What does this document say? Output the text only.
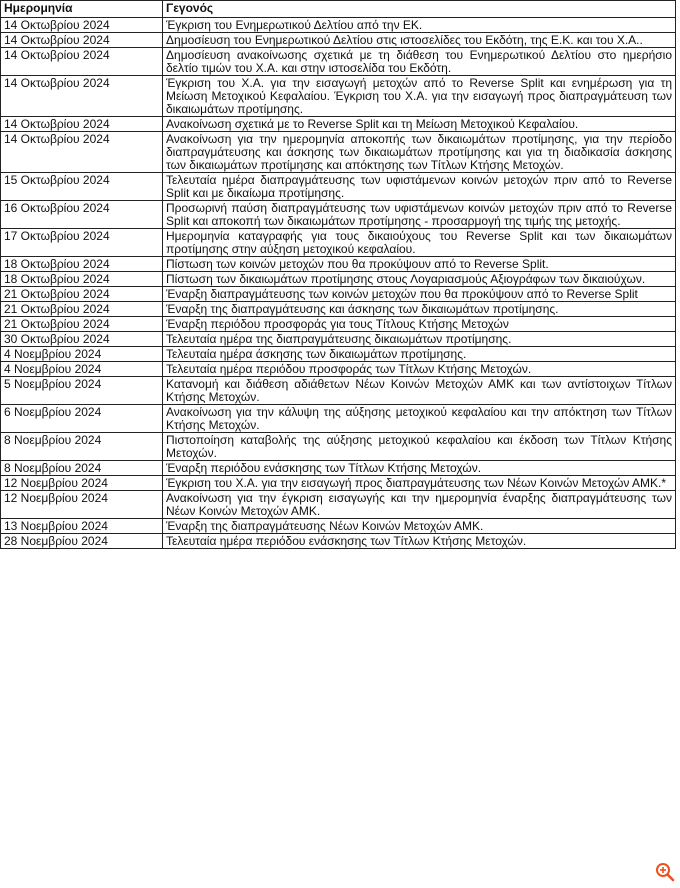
Ημερομηνία	Γεγονός
14 Οκτωβρίου 2024	Έγκριση του Ενημερωτικού Δελτίου από την ΕΚ.
14 Οκτωβρίου 2024	Δημοσίευση του Ενημερωτικού Δελτίου στις ιστοσελίδες του Εκδότη, της Ε.Κ. και του Χ.Α..
14 Οκτωβρίου 2024	Δημοσίευση ανακοίνωσης σχετικά με τη διάθεση του Ενημερωτικού Δελτίου στο ημερήσιο δελτίο τιμών του Χ.Α. και στην ιστοσελίδα του Εκδότη.
14 Οκτωβρίου 2024	Έγκριση του Χ.Α. για την εισαγωγή μετοχών από το Reverse Split και ενημέρωση για τη Μείωση Μετοχικού Κεφαλαίου. Έγκριση του Χ.Α. για την εισαγωγή προς διαπραγμάτευση των δικαιωμάτων προτίμησης.
14 Οκτωβρίου 2024	Ανακοίνωση σχετικά με το Reverse Split και τη Μείωση Μετοχικού Κεφαλαίου.
14 Οκτωβρίου 2024	Ανακοίνωση για την ημερομηνία αποκοπής των δικαιωμάτων προτίμησης, για την περίοδο διαπραγμάτευσης και άσκησης των δικαιωμάτων προτίμησης και για τη διαδικασία άσκησης των δικαιωμάτων προτίμησης και απόκτησης των Τίτλων Κτήσης Μετοχών.
15 Οκτωβρίου 2024	Τελευταία ημέρα διαπραγμάτευσης των υφιστάμενων κοινών μετοχών πριν από το Reverse Split και με δικαίωμα προτίμησης.
16 Οκτωβρίου 2024	Προσωρινή παύση διαπραγμάτευσης των υφιστάμενων κοινών μετοχών πριν από το Reverse Split και αποκοπή των δικαιωμάτων προτίμησης - προσαρμογή της τιμής της μετοχής.
17 Οκτωβρίου 2024	Ημερομηνία καταγραφής για τους δικαιούχους του Reverse Split και των δικαιωμάτων προτίμησης στην αύξηση μετοχικού κεφαλαίου.
18 Οκτωβρίου 2024	Πίστωση των κοινών μετοχών που θα προκύψουν από το Reverse Split.
18 Οκτωβρίου 2024	Πίστωση των δικαιωμάτων προτίμησης στους Λογαριασμούς Αξιογράφων των δικαιούχων.
21 Οκτωβρίου 2024	Έναρξη διαπραγμάτευσης των κοινών μετοχών που θα προκύψουν από το Reverse Split
21 Οκτωβρίου 2024	Έναρξη της διαπραγμάτευσης και άσκησης των δικαιωμάτων προτίμησης.
21 Οκτωβρίου 2024	Έναρξη περιόδου προσφοράς για τους Τίτλους Κτήσης Μετοχών
30 Οκτωβρίου 2024	Τελευταία ημέρα της διαπραγμάτευσης δικαιωμάτων προτίμησης.
4 Νοεμβρίου 2024	Τελευταία ημέρα άσκησης των δικαιωμάτων προτίμησης.
4 Νοεμβρίου 2024	Τελευταία ημέρα περιόδου προσφοράς των Τίτλων Κτήσης Μετοχών.
5 Νοεμβρίου 2024	Κατανομή και διάθεση αδιάθετων Νέων Κοινών Μετοχών ΑΜΚ και των αντίστοιχων Τίτλων Κτήσης Μετοχών.
6 Νοεμβρίου 2024	Ανακοίνωση για την κάλυψη της αύξησης μετοχικού κεφαλαίου και την απόκτηση των Τίτλων Κτήσης Μετοχών.
8 Νοεμβρίου 2024	Πιστοποίηση καταβολής της αύξησης μετοχικού κεφαλαίου και έκδοση των Τίτλων Κτήσης Μετοχών.
8 Νοεμβρίου 2024	Έναρξη περιόδου ενάσκησης των Τίτλων Κτήσης Μετοχών.
12 Νοεμβρίου 2024	Έγκριση του Χ.Α. για την εισαγωγή προς διαπραγμάτευσης των Νέων Κοινών Μετοχών ΑΜΚ.*
12 Νοεμβρίου 2024	Ανακοίνωση για την έγκριση εισαγωγής και την ημερομηνία έναρξης διαπραγμάτευσης των Νέων Κοινών Μετοχών ΑΜΚ.
13 Νοεμβρίου 2024	Έναρξη της διαπραγμάτευσης Νέων Κοινών Μετοχών ΑΜΚ.
28 Νοεμβρίου 2024	Τελευταία ημέρα περιόδου ενάσκησης των Τίτλων Κτήσης Μετοχών.
